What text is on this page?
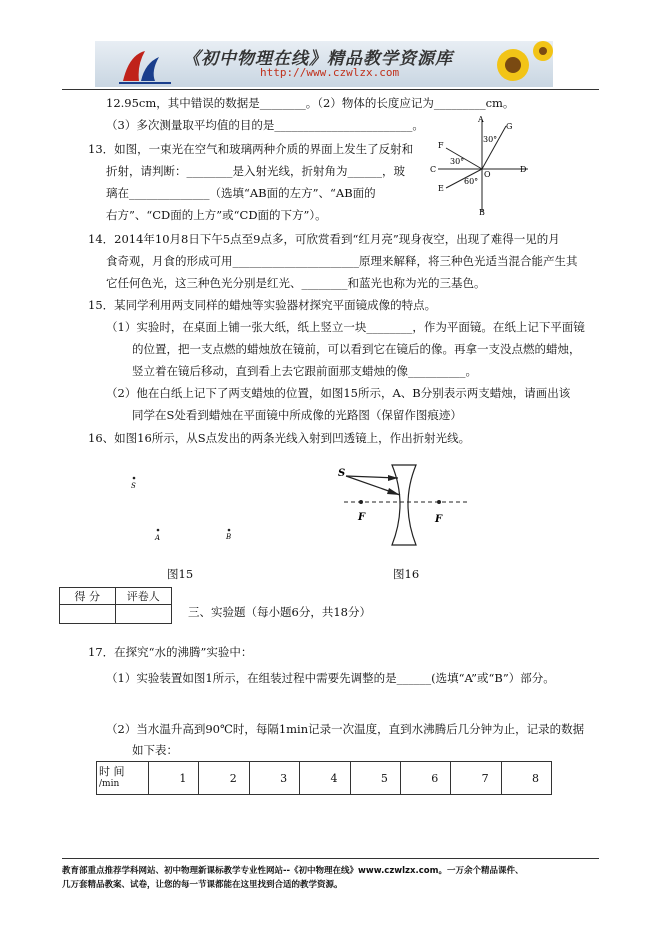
《初中物理在线》精品教学资源库
http://www.czwlzx.com
12.95cm，其中错误的数据是________。（2）物体的长度应记为_________cm。
（3）多次测量取平均值的目的是________________________。
13．如图，一束光在空气和玻璃两种介质的界面上发生了反射和
折射，请判断：________是入射光线，折射角为______，玻
璃在______________（选填“AB面的左方”、“AB面的
右方”、“CD面的上方”或“CD面的下方”）。
A
B
C	D
E
F
G
O
30°
30°
60°
14．2014年10月8日下午5点至9点多，可欣赏看到“红月亮”现身夜空，出现了难得一见的月
食奇观，月食的形成可用______________________原理来解释，将三种色光适当混合能产生其
它任何色光，这三种色光分别是红光、________和蓝光也称为光的三基色。
15．某同学利用两支同样的蜡烛等实验器材探究平面镜成像的特点。
（1）实验时，在桌面上铺一张大纸，纸上竖立一块________，作为平面镜。在纸上记下平面镜
的位置，把一支点燃的蜡烛放在镜前，可以看到它在镜后的像。再拿一支没点燃的蜡烛，
竖立着在镜后移动，直到看上去它跟前面那支蜡烛的像__________。
（2）他在白纸上记下了两支蜡烛的位置，如图15所示，A、B分别表示两支蜡烛，请画出该
同学在S处看到蜡烛在平面镜中所成像的光路图（保留作图痕迹）
16、如图16所示，从S点发出的两条光线入射到凹透镜上，作出折射光线。
S
A	B
图15
S
F	F
图16
得 分	评卷人

三、实验题（每小题6分，共18分）
17．在探究“水的沸腾”实验中：
（1）实验装置如图1所示，在组装过程中需要先调整的是______(选填“A”或“B”）部分。
（2）当水温升高到90℃时，每隔1min记录一次温度，直到水沸腾后几分钟为止，记录的数据
如下表：
时 间
/min	1	2	3	4	5	6	7	8
教育部重点推荐学科网站、初中物理新课标教学专业性网站--《初中物理在线》www.czwlzx.com。一万余个精品课件、
几万套精品教案、试卷，让您的每一节课都能在这里找到合适的教学资源。
